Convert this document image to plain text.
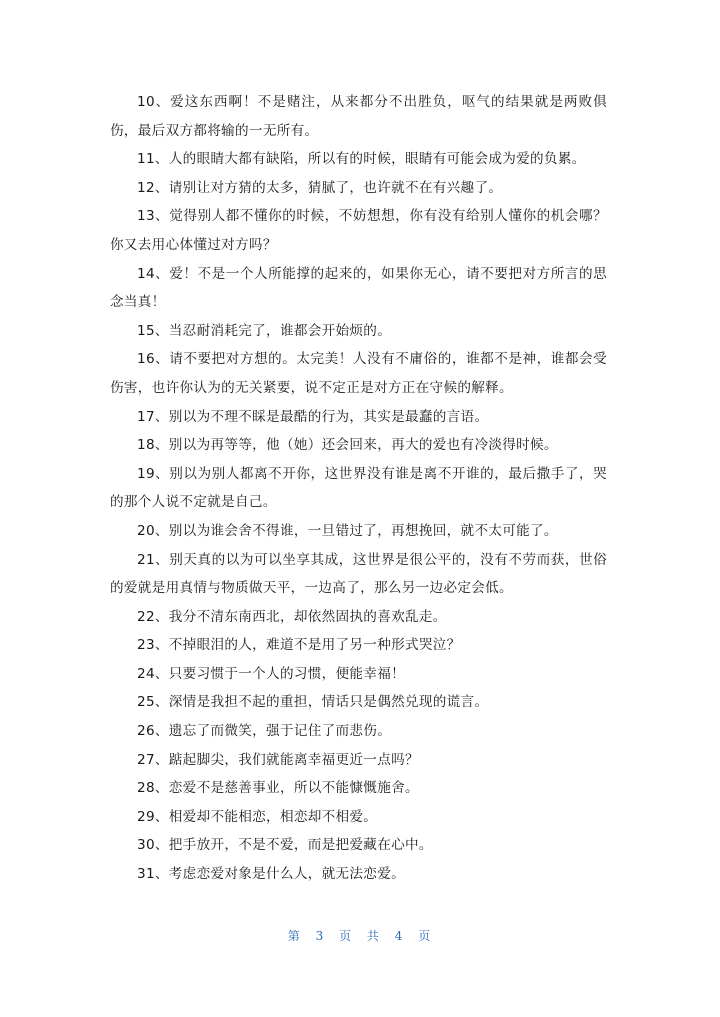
10、爱这东西啊！不是赌注，从来都分不出胜负，呕气的结果就是两败俱伤，最后双方都将输的一无所有。

11、人的眼睛大都有缺陷，所以有的时候，眼睛有可能会成为爱的负累。

12、请别让对方猜的太多，猜腻了，也许就不在有兴趣了。

13、觉得别人都不懂你的时候，不妨想想，你有没有给别人懂你的机会哪？你又去用心体懂过对方吗？

14、爱！不是一个人所能撑的起来的，如果你无心，请不要把对方所言的思念当真！

15、当忍耐消耗完了，谁都会开始烦的。

16、请不要把对方想的。太完美！人没有不庸俗的，谁都不是神，谁都会受伤害，也许你认为的无关紧要，说不定正是对方正在守候的解释。

17、别以为不理不睬是最酷的行为，其实是最蠢的言语。

18、别以为再等等，他（她）还会回来，再大的爱也有冷淡得时候。

19、别以为别人都离不开你，这世界没有谁是离不开谁的，最后撒手了，哭的那个人说不定就是自己。

20、别以为谁会舍不得谁，一旦错过了，再想挽回，就不太可能了。

21、别天真的以为可以坐享其成，这世界是很公平的，没有不劳而获，世俗的爱就是用真情与物质做天平，一边高了，那么另一边必定会低。

22、我分不清东南西北，却依然固执的喜欢乱走。

23、不掉眼泪的人，难道不是用了另一种形式哭泣？

24、只要习惯于一个人的习惯，便能幸福！

25、深情是我担不起的重担，情话只是偶然兑现的谎言。

26、遗忘了而微笑，强于记住了而悲伤。

27、踮起脚尖，我们就能离幸福更近一点吗？

28、恋爱不是慈善事业，所以不能慷慨施舍。

29、相爱却不能相恋，相恋却不相爱。

30、把手放开，不是不爱，而是把爱藏在心中。

31、考虑恋爱对象是什么人，就无法恋爱。

第 3 页 共 4 页
